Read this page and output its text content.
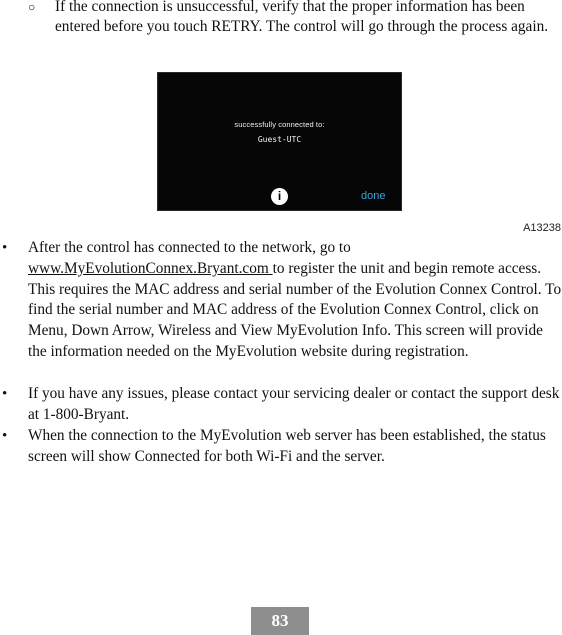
○ If the connection is unsuccessful, verify that the proper information has been entered before you touch RETRY. The control will go through the process again.
successfully connected to:
Guest-UTC
i	done
A13238
• After the control has connected to the network, go to
www.MyEvolutionConnex.Bryant.com to register the unit and begin remote access. This requires the MAC address and serial number of the Evolution Connex Control. To find the serial number and MAC address of the Evolution Connex Control, click on Menu, Down Arrow, Wireless and View MyEvolution Info. This screen will provide the information needed on the MyEvolution website during registration.
• If you have any issues, please contact your servicing dealer or contact the support desk at 1‐800‐Bryant.
• When the connection to the MyEvolution web server has been established, the status screen will show Connected for both Wi‐Fi and the server.
83
